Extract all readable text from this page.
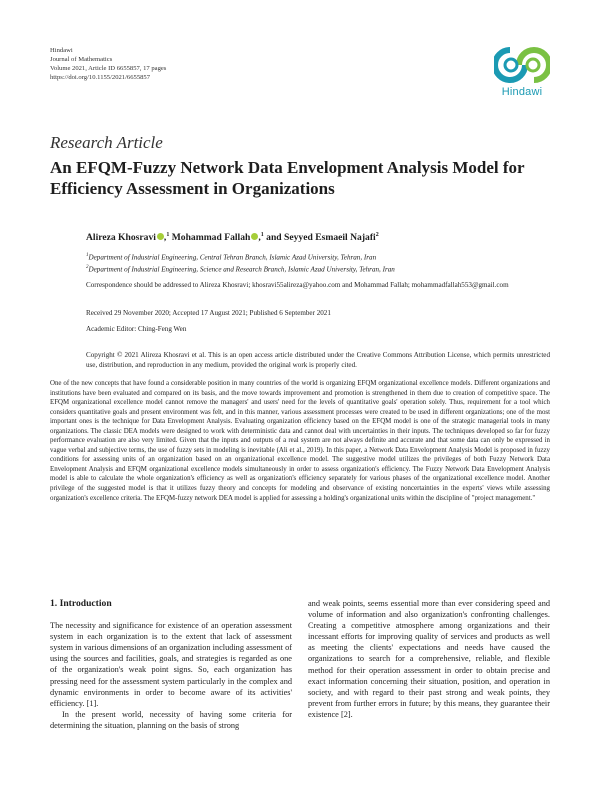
Hindawi
Journal of Mathematics
Volume 2021, Article ID 6655857, 17 pages
https://doi.org/10.1155/2021/6655857
Hindawi
Research Article
An EFQM-Fuzzy Network Data Envelopment Analysis Model for Efficiency Assessment in Organizations
Alireza Khosravi ,$^1$ Mohammad Fallah ,$^1$ and Seyyed Esmaeil Najafi$^2$
$^1$Department of Industrial Engineering, Central Tehran Branch, Islamic Azad University, Tehran, Iran
$^2$Department of Industrial Engineering, Science and Research Branch, Islamic Azad University, Tehran, Iran
Correspondence should be addressed to Alireza Khosravi; khosravi55alireza@yahoo.com and Mohammad Fallah; mohammadfallah553@gmail.com
Received 29 November 2020; Accepted 17 August 2021; Published 6 September 2021
Academic Editor: Ching-Feng Wen
Copyright © 2021 Alireza Khosravi et al. This is an open access article distributed under the Creative Commons Attribution License, which permits unrestricted use, distribution, and reproduction in any medium, provided the original work is properly cited.
One of the new concepts that have found a considerable position in many countries of the world is organizing EFQM organizational excellence models. Different organizations and institutions have been evaluated and compared on its basis, and the move towards improvement and promotion is strengthened in them due to creation of competitive space. The EFQM organizational excellence model cannot remove the managers' and users' need for the levels of quantitative goals' operation solely. Thus, requirement for a tool which considers quantitative goals and present environment was felt, and in this manner, various assessment processes were created to be used in different organizations; one of the most important ones is the technique for Data Envelopment Analysis. Evaluating organization efficiency based on the EFQM model is one of the strategic managerial tools in many organizations. The classic DEA models were designed to work with deterministic data and cannot deal with uncertainties in their inputs. The techniques developed so far for fuzzy performance evaluation are also very limited. Given that the inputs and outputs of a real system are not always definite and accurate and that some data can only be expressed in vague verbal and subjective terms, the use of fuzzy sets in modeling is inevitable (Ali et al., 2019). In this paper, a Network Data Envelopment Analysis Model is proposed in fuzzy conditions for assessing units of an organization based on an organizational excellence model. The suggestive model utilizes the privileges of both Fuzzy Network Data Envelopment Analysis and EFQM organizational excellence models simultaneously in order to assess organization's efficiency. The Fuzzy Network Data Envelopment Analysis model is able to calculate the whole organization's efficiency as well as organization's efficiency separately for various phases of the organizational excellence model. Another privilege of the suggested model is that it utilizes fuzzy theory and concepts for modeling and observance of existing noncertainties in the experts' views while assessing organization's excellence criteria. The EFQM-fuzzy network DEA model is applied for assessing a holding's organizational units within the discipline of "project management."
1. Introduction

The necessity and significance for existence of an operation assessment system in each organization is to the extent that lack of assessment system in various dimensions of an organization including assessment of using the sources and facilities, goals, and strategies is regarded as one of the organization's weak point signs. So, each organization has pressing need for the assessment system particularly in the complex and dynamic environments in order to become aware of its activities' efficiency. [1].

In the present world, necessity of having some criteria for determining the situation, planning on the basis of strong

and weak points, seems essential more than ever considering speed and volume of information and also organization's confronting challenges. Creating a competitive atmosphere among organizations and their incessant efforts for improving quality of services and products as well as meeting the clients' expectations and needs have caused the organizations to search for a comprehensive, reliable, and flexible method for their operation assessment in order to obtain precise and exact information concerning their situation, position, and operation in society, and with regard to their past strong and weak points, they prevent from further errors in future; by this means, they guarantee their existence [2].
